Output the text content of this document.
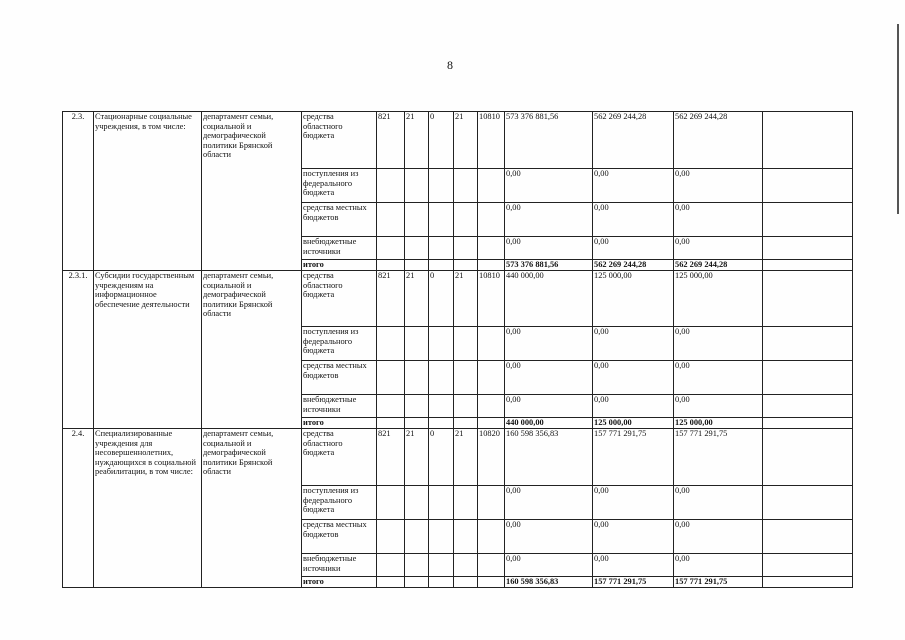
8
2.3.	Стационарные социальные учреждения, в том числе:	департамент семьи, социальной и демографической политики Брянской области	средства областного бюджета	821	21	0	21	10810	573 376 881,56	562 269 244,28	562 269 244,28	
			поступления из федерального бюджета						0,00	0,00	0,00	
			средства местных бюджетов						0,00	0,00	0,00	
			внебюджетные источники						0,00	0,00	0,00	
			итого						573 376 881,56	562 269 244,28	562 269 244,28	
2.3.1.	Субсидии государственным учреждениям на информационное обеспечение деятельности	департамент семьи, социальной и демографической политики Брянской области	средства областного бюджета	821	21	0	21	10810	440 000,00	125 000,00	125 000,00	
			поступления из федерального бюджета						0,00	0,00	0,00	
			средства местных бюджетов						0,00	0,00	0,00	
			внебюджетные источники						0,00	0,00	0,00	
			итого						440 000,00	125 000,00	125 000,00	
2.4.	Специализированные учреждения для несовершеннолетних, нуждающихся в социальной реабилитации, в том числе:	департамент семьи, социальной и демографической политики Брянской области	средства областного бюджета	821	21	0	21	10820	160 598 356,83	157 771 291,75	157 771 291,75	
			поступления из федерального бюджета						0,00	0,00	0,00	
			средства местных бюджетов						0,00	0,00	0,00	
			внебюджетные источники						0,00	0,00	0,00	
			итого						160 598 356,83	157 771 291,75	157 771 291,75	
